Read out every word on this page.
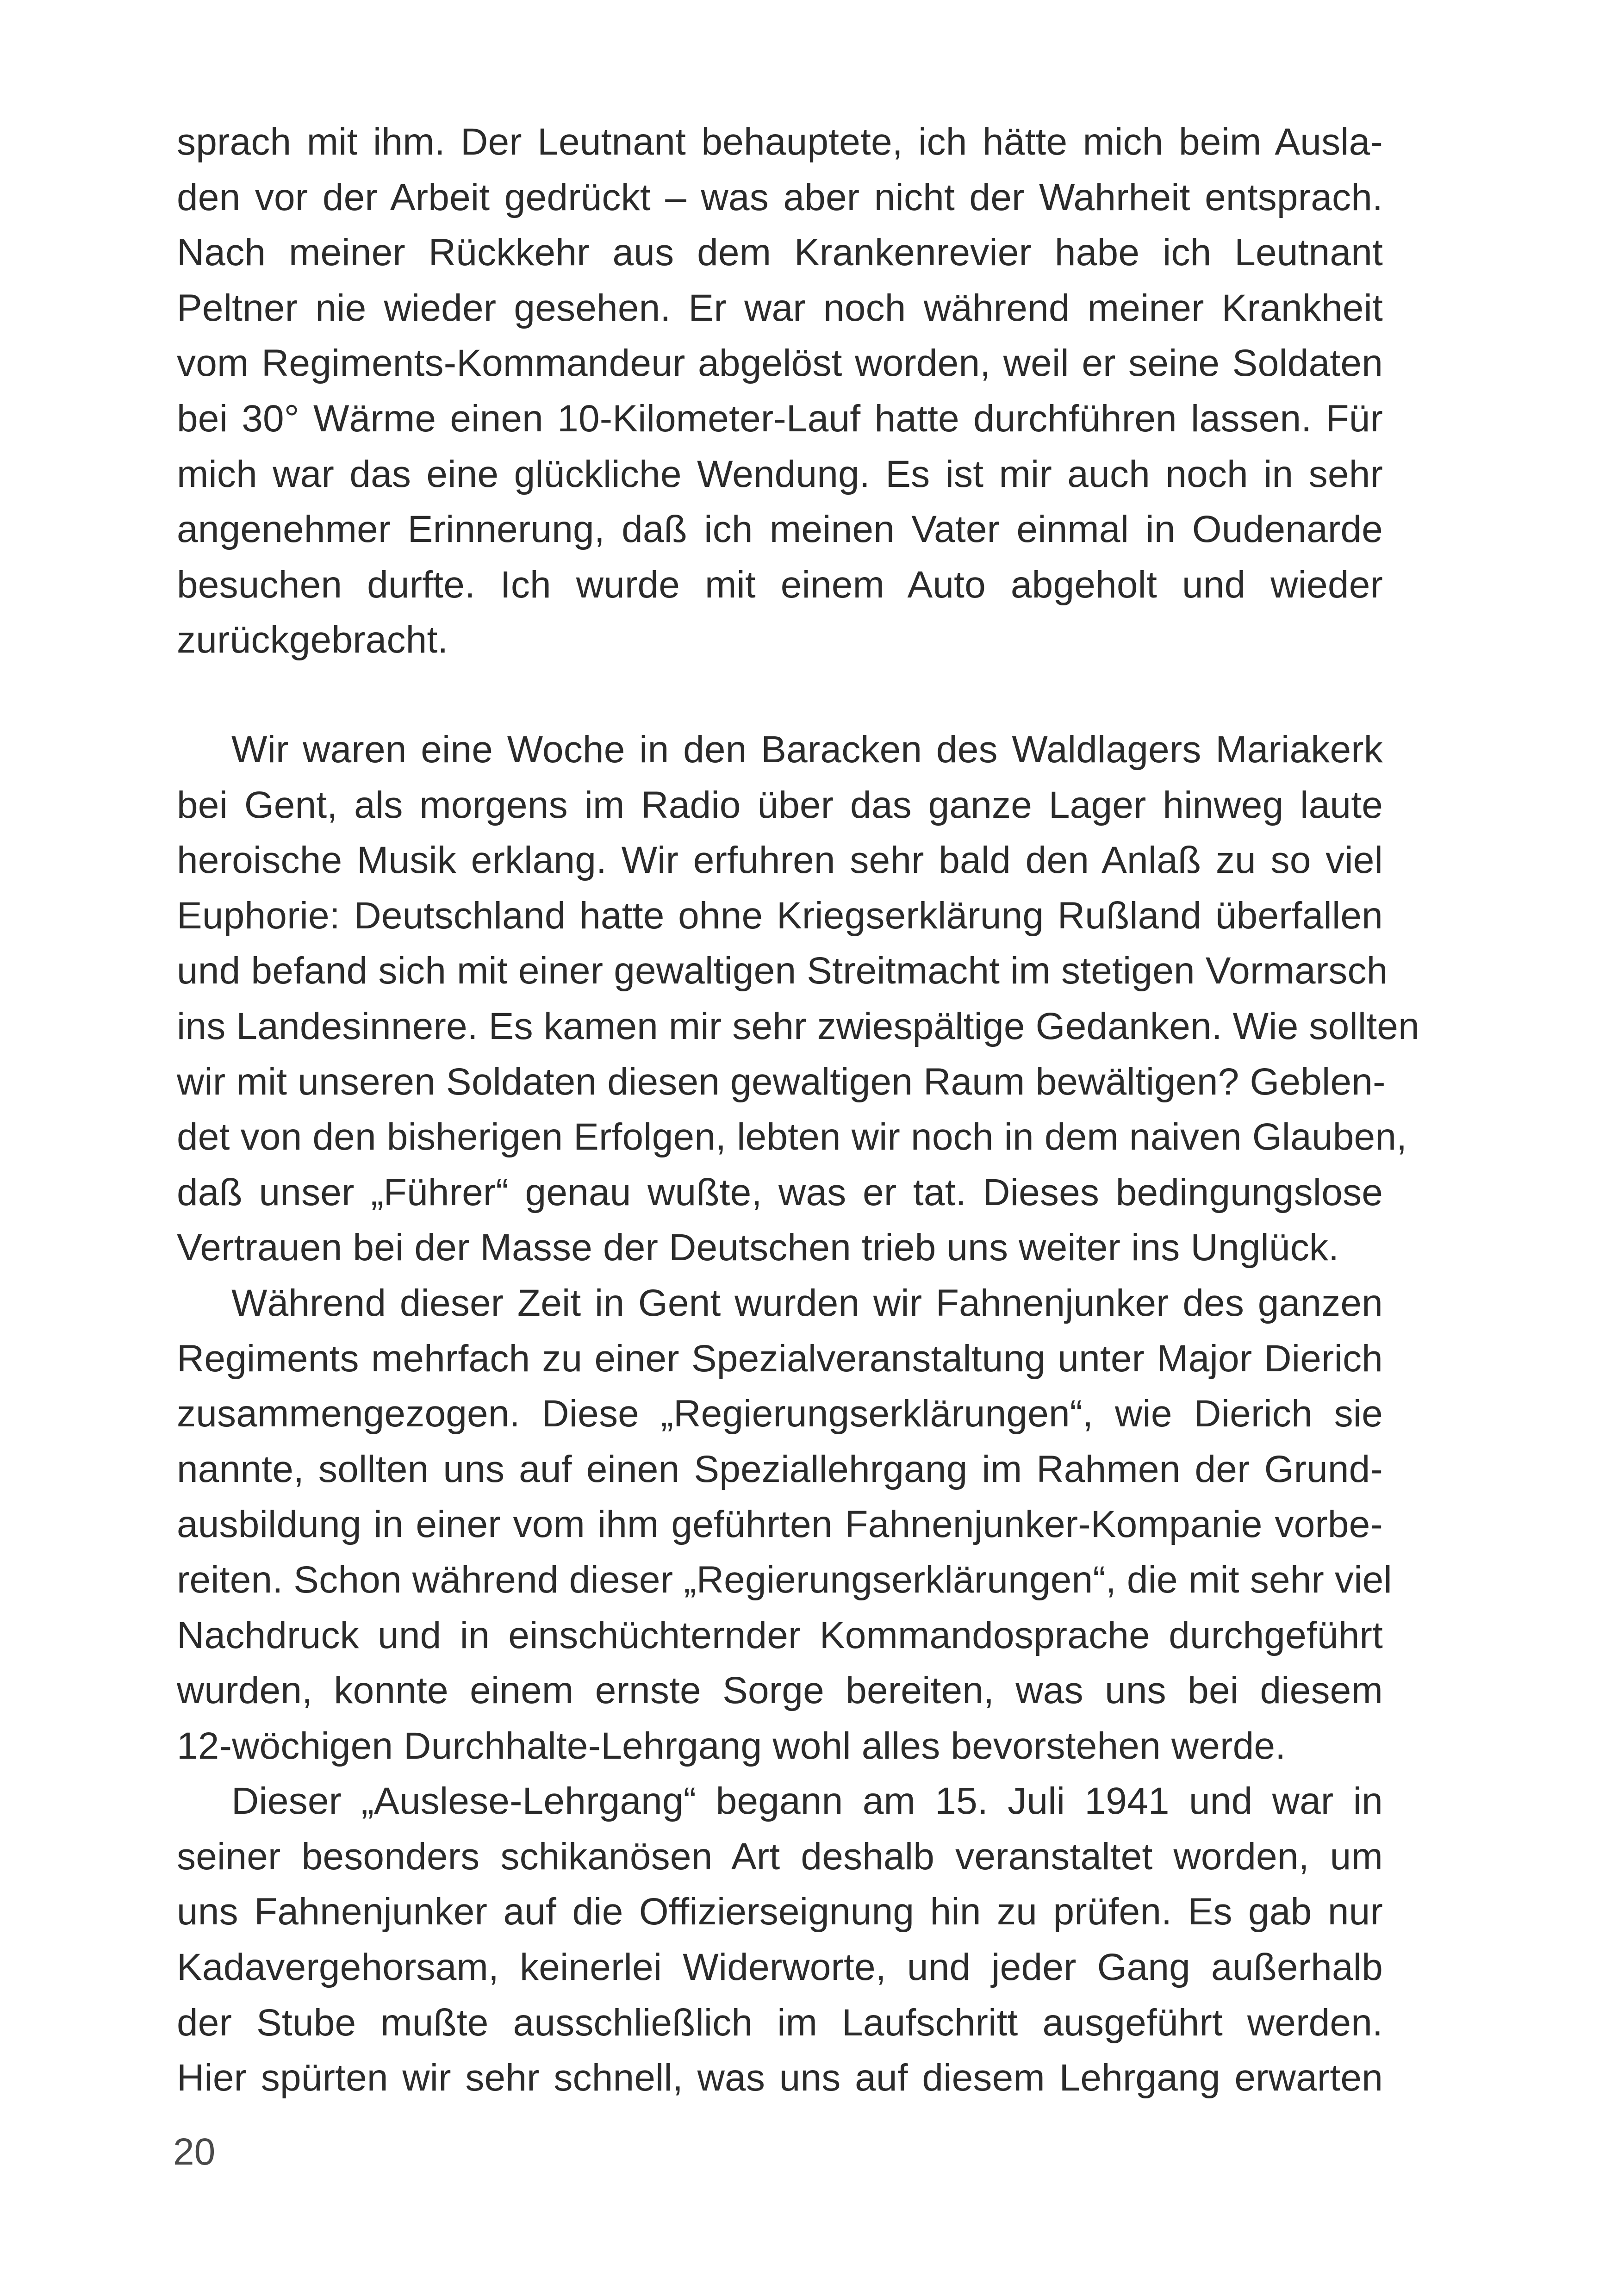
sprach mit ihm. Der Leutnant behauptete, ich hätte mich beim Ausla-
den vor der Arbeit gedrückt – was aber nicht der Wahrheit entsprach.
Nach meiner Rückkehr aus dem Krankenrevier habe ich Leutnant
Peltner nie wieder gesehen. Er war noch während meiner Krankheit
vom Regiments-Kommandeur abgelöst worden, weil er seine Soldaten
bei 30° Wärme einen 10-Kilometer-Lauf hatte durchführen lassen. Für
mich war das eine glückliche Wendung. Es ist mir auch noch in sehr
angenehmer Erinnerung, daß ich meinen Vater einmal in Oudenarde
besuchen durfte. Ich wurde mit einem Auto abgeholt und wieder
zurückgebracht.
Wir waren eine Woche in den Baracken des Waldlagers Mariakerk
bei Gent, als morgens im Radio über das ganze Lager hinweg laute
heroische Musik erklang. Wir erfuhren sehr bald den Anlaß zu so viel
Euphorie: Deutschland hatte ohne Kriegserklärung Rußland überfallen
und befand sich mit einer gewaltigen Streitmacht im stetigen Vormarsch
ins Landesinnere. Es kamen mir sehr zwiespältige Gedanken. Wie sollten
wir mit unseren Soldaten diesen gewaltigen Raum bewältigen? Geblen-
det von den bisherigen Erfolgen, lebten wir noch in dem naiven Glauben,
daß unser „Führer“ genau wußte, was er tat. Dieses bedingungslose
Vertrauen bei der Masse der Deutschen trieb uns weiter ins Unglück.
Während dieser Zeit in Gent wurden wir Fahnenjunker des ganzen
Regiments mehrfach zu einer Spezialveranstaltung unter Major Dierich
zusammengezogen. Diese „Regierungserklärungen“, wie Dierich sie
nannte, sollten uns auf einen Speziallehrgang im Rahmen der Grund-
ausbildung in einer vom ihm geführten Fahnenjunker-Kompanie vorbe-
reiten. Schon während dieser „Regierungserklärungen“, die mit sehr viel
Nachdruck und in einschüchternder Kommandosprache durchgeführt
wurden, konnte einem ernste Sorge bereiten, was uns bei diesem
12-wöchigen Durchhalte-Lehrgang wohl alles bevorstehen werde.
Dieser „Auslese-Lehrgang“ begann am 15. Juli 1941 und war in
seiner besonders schikanösen Art deshalb veranstaltet worden, um
uns Fahnenjunker auf die Offizierseignung hin zu prüfen. Es gab nur
Kadavergehorsam, keinerlei Widerworte, und jeder Gang außerhalb
der Stube mußte ausschließlich im Laufschritt ausgeführt werden.
Hier spürten wir sehr schnell, was uns auf diesem Lehrgang erwarten
20
